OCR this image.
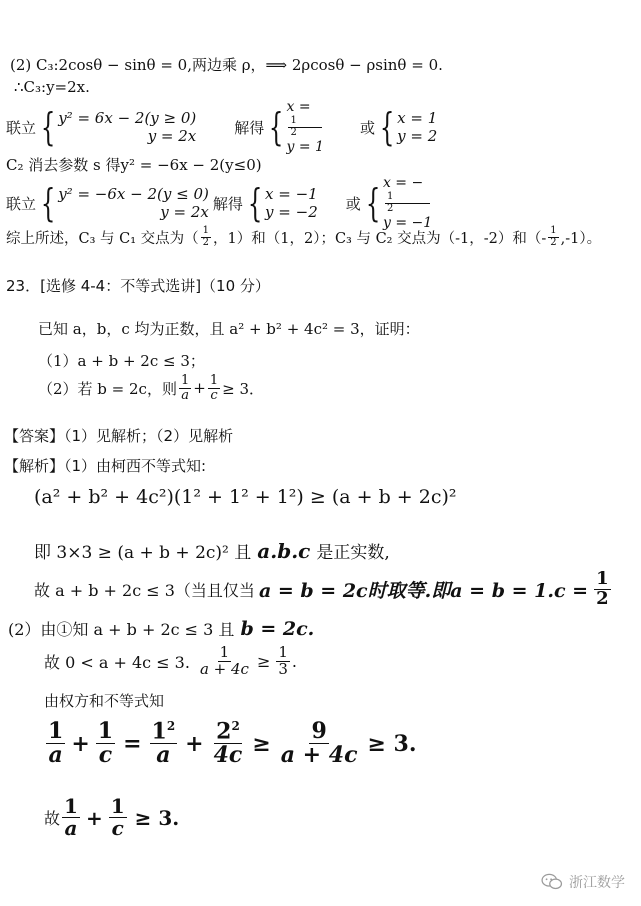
(2) C₃:2cosθ − sinθ = 0,两边乘 ρ，⟹ 2ρcosθ − ρsinθ = 0.
∴C₃:y=2x.
联立 { y² = 6x − 2(y ≥ 0)
y = 2x	解得 { x =
1
2
y = 1
或 { x = 1
y = 2
C₂ 消去参数 s 得y² = −6x − 2(y≤0)
联立 { y² = −6x − 2(y ≤ 0)
y = 2x 解得 { x = −1
y = −2 或 { x = −
1
2
y = −1
综上所述，C₃ 与 C₁ 交点为（ $\frac{1}{2}$ ，1）和（1，2）；C₃ 与 C₂ 交点为（-1，-2）和（- $\frac{1}{2} ,-1$）。
23．[选修 4-4：不等式选讲]（10 分）
已知 a，b，c 均为正数，且 a² + b² + 4c² = 3，证明：
（1）a + b + 2c ≤ 3；
（2）若 b = 2c，则 $\frac{1}{a} + \frac{1}{c} \ge 3$．
【答案】（1）见解析；（2）见解析
【解析】（1）由柯西不等式知:
(a² + b² + 4c²)(1² + 1² + 1²) ≥ (a + b + 2c)²
即 3×3 ≥ (a + b + 2c)² 且 a.b.c 是正实数,
故 a + b + 2c ≤ 3（当且仅当 a = b = 2c时取等.即$a = b = 1.c = \frac{1}{2}$
(2）由①知 a + b + 2c ≤ 3 且 b = 2c.
故 0 < a + 4c ≤ 3. $\frac{1}{a + 4c} \ge \frac{1}{3}$ .
由权方和不等式知
$\frac{1}{a} + \frac{1}{c} = \frac{1^2}{a} + \frac{2^2}{4c} \ge \frac{9}{a + 4c} \ge 3$.
故 $\frac{1}{a} + \frac{1}{c} \ge 3$.
浙江数学
